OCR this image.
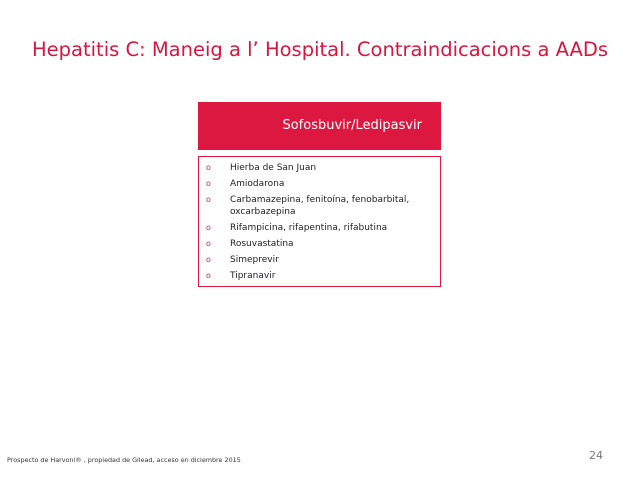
Hepatitis C: Maneig a l’ Hospital. Contraindicacions a AADs
Sofosbuvir/Ledipasvir
o	Hierba de San Juan
o	Amiodarona
o	Carbamazepina, fenitoína, fenobarbital, oxcarbazepina
o	Rifampicina, rifapentina, rifabutina
o	Rosuvastatina
o	Simeprevir
o	Tipranavir
Prospecto de Harvoni® , propiedad de Gilead, acceso en diciembre 2015	24
